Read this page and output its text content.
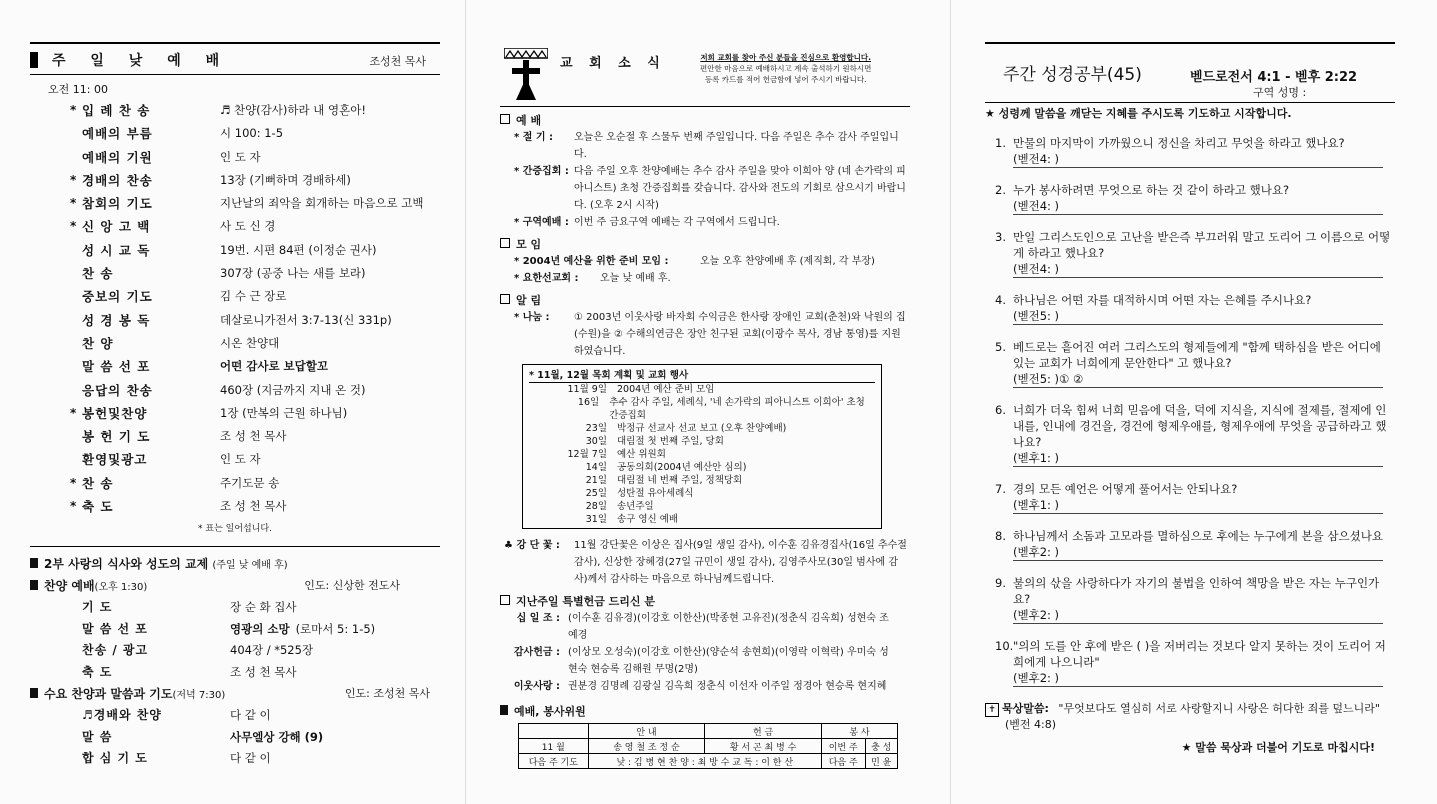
주 일 낮 예 배	조성천 목사
오전 11: 00
* 입 례 찬 송	♬ 찬양(감사)하라 내 영혼아!
예배의 부름	시 100: 1-5
예배의 기원	인 도 자
* 경배의 찬송	13장 (기뻐하며 경배하세)
* 참회의 기도	지난날의 죄악을 회개하는 마음으로 고백
* 신 앙 고 백	사 도 신 경
성 시 교 독	19번. 시편 84편 (이정순 권사)
찬 송	307장 (공중 나는 새를 보라)
중보의 기도	김 수 근 장로
성 경 봉 독	데살로니가전서 3:7-13(신 331p)
찬 양	시온 찬양대
말 씀 선 포	어떤 감사로 보답할꼬
응답의 찬송	460장 (지금까지 지내 온 것)
* 봉헌및찬양	1장 (만복의 근원 하나님)
봉 헌 기 도	조 성 천 목사
환영및광고	인 도 자
* 찬 송	주기도문 송
* 축 도	조 성 천 목사
* 표는 일어섭니다.
2부 사랑의 식사와 성도의 교제 (주일 낮 예배 후)
찬양 예배(오후 1:30)	인도: 신상한 전도사
기 도	장 순 화 집사
말 씀 선 포	영광의 소망 (로마서 5: 1-5)
찬송 / 광고	404장 / *525장
축 도	조 성 천 목사
수요 찬양과 말씀과 기도(저녁 7:30)	인도: 조성천 목사
♬경배와 찬양	다 같 이
말 씀	사무엘상 강해 (9)
합 심 기 도	다 같 이
교 회 소 식	저희 교회를 찾아 주신 분들을 진심으로 환영합니다.
편안한 마음으로 예배하시고 계속 출석하기 원하시면
등록 카드를 적어 헌금함에 넣어 주시기 바랍니다.
예 배
* 절 기 : 오늘은 오순절 후 스물두 번째 주일입니다. 다음 주일은 추수 감사 주일입니다.
* 간증집회 : 다음 주일 오후 찬양예배는 추수 감사 주일을 맞아 이희아 양 (네 손가락의 피아니스트) 초청 간증집회를 갖습니다. 감사와 전도의 기회로 삼으시기 바랍니다. (오후 2시 시작)
* 구역예배 : 이번 주 금요구역 예배는 각 구역에서 드립니다.
모 임
* 2004년 예산을 위한 준비 모임 :	오늘 오후 찬양예배 후 (제직회, 각 부장)
* 요한선교회 : 오늘 낮 예배 후.
알 림
* 나눔 : ① 2003년 이웃사랑 바자회 수익금은 한사랑 장애인 교회(춘천)와 낙원의 집(수원)을 ② 수해의연금은 장안 친구된 교회(이광수 목사, 경남 통영)를 지원하였습니다.
* 11월, 12월 목회 계획 및 교회 행사
11월 9일	2004년 예산 준비 모임
16일	추수 감사 주일, 세례식, '네 손가락의 피아니스트 이희아' 초청 간증집회
23일	박정규 선교사 선교 보고 (오후 찬양예배)
30일	대림절 첫 번째 주일, 당회
12월 7일	예산 위원회
14일	공동의회(2004년 예산안 심의)
21일	대림절 네 번째 주일, 정책당회
25일	성탄절 유아세례식
28일	송년주일
31일	송구 영신 예배
♣ 강 단 꽃 : 11월 강단꽃은 이상은 집사(9일 생일 감사), 이수훈 김유경집사(16일 추수절 감사), 신상한 장혜경(27일 규민이 생일 감사), 김영주사모(30일 범사에 감사)께서 감사하는 마음으로 하나님께드립니다.
지난주일 특별헌금 드리신 분
십 일 조 : (이수훈 김유경)(이강호 이한산)(박종현 고유진)(정춘식 김옥희) 성현숙 조예경
감사헌금 : (이상모 오성숙)(이강호 이한산)(양순석 송현희)(이영락 이혁락) 우미숙 성현숙 현승록 김해원 무명(2명)
이웃사랑 : 권분경 김명례 김광실 김옥희 정춘식 이선자 이주일 정경아 현승록 현지혜
예배, 봉사위원
	안 내	헌 금	봉 사	
11 월	송 영 철 조 정 순	황 서 곤 최 병 수	이번 주	충 성
다음 주 기도	낮 : 김 병 현 찬 양 : 최 방 수 교 독 : 이 한 산		다음 주	민 윤
주간 성경공부(45)	벧드로전서 4:1 - 벧후 2:22
구역 성명 :
★ 성령께 말씀을 깨닫는 지혜를 주시도록 기도하고 시작합니다.
1. 만물의 마지막이 가까웠으니 정신을 차리고 무엇을 하라고 했나요?
(벧전4: )
2. 누가 봉사하려면 무엇으로 하는 것 같이 하라고 했나요?
(벧전4: )
3. 만일 그리스도인으로 고난을 받은즉 부끄러워 말고 도리어 그 이름으로 어떻게 하라고 했나요?
(벧전4: )
4. 하나님은 어떤 자를 대적하시며 어떤 자는 은혜를 주시나요?
(벧전5: )
5. 베드로는 흩어진 여러 그리스도의 형제들에게 "함께 택하심을 받은 어디에 있는 교회가 너희에게 문안한다" 고 했나요?
(벧전5: )① ②
6. 너희가 더욱 힘써 너희 믿음에 덕을, 덕에 지식을, 지식에 절제를, 절제에 인내를, 인내에 경건을, 경건에 형제우애를, 형제우애에 무엇을 공급하라고 했나요?
(벧후1: )
7. 경의 모든 예언은 어떻게 풀어서는 안되나요?
(벧후1: )
8. 하나님께서 소돔과 고모라를 멸하심으로 후에는 누구에게 본을 삼으셨나요
(벧후2: )
9. 불의의 삯을 사랑하다가 자기의 불법을 인하여 책망을 받은 자는 누구인가요?
(벧후2: )
10. "의의 도를 안 후에 받은 ( )을 저버리는 것보다 알지 못하는 것이 도리어 저희에게 나으니라"
(벧후2: )
✝ 묵상말씀: "무엇보다도 열심히 서로 사랑할지니 사랑은 허다한 죄를 덮느니라" (벧전 4:8)
★ 말씀 묵상과 더불어 기도로 마칩시다!
